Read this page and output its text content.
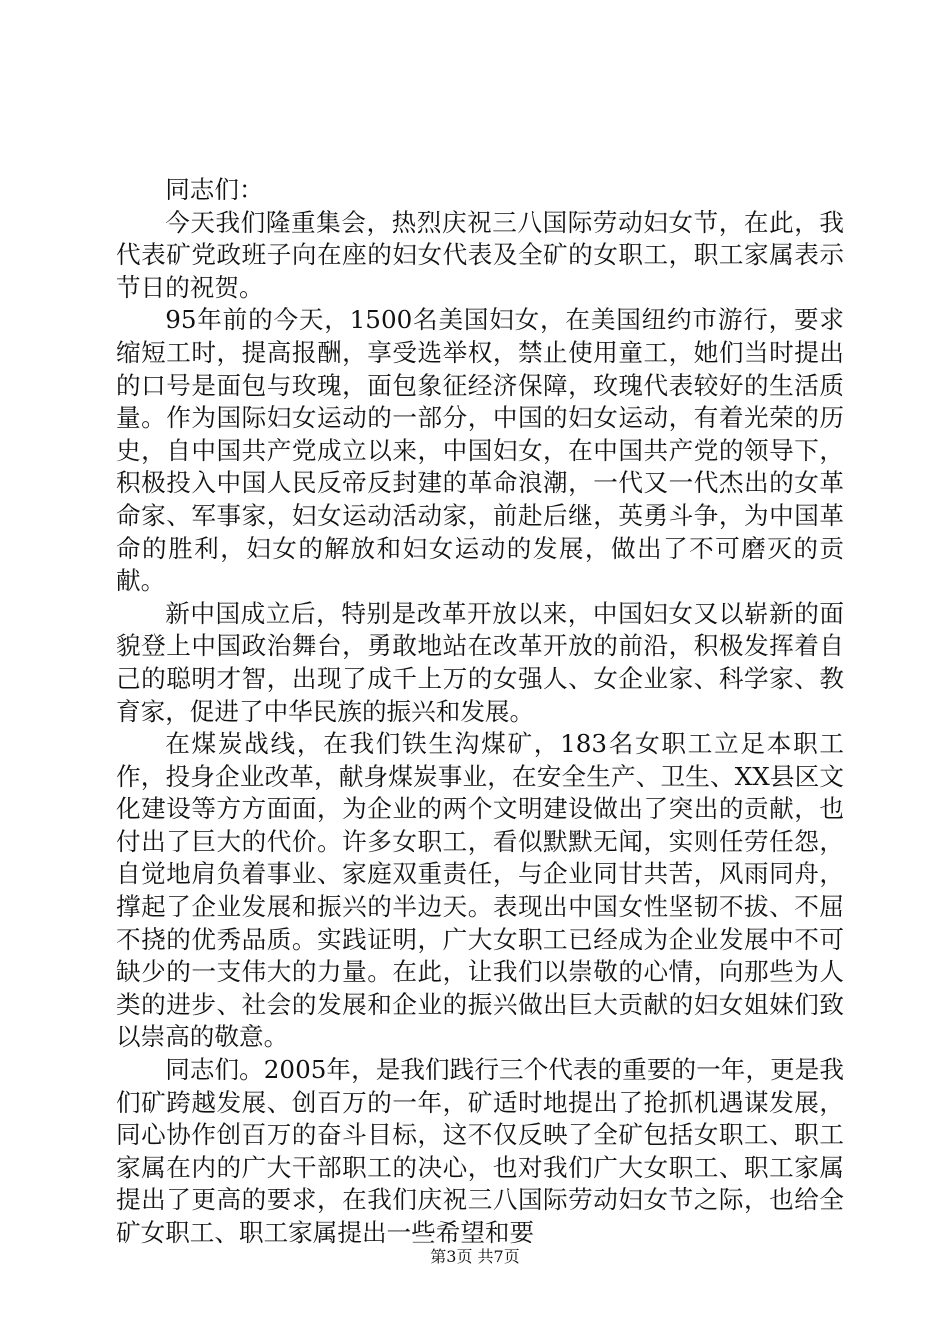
同志们：

今天我们隆重集会，热烈庆祝三八国际劳动妇女节，在此，我代表矿党政班子向在座的妇女代表及全矿的女职工，职工家属表示节日的祝贺。

95年前的今天，1500名美国妇女，在美国纽约市游行，要求缩短工时，提高报酬，享受选举权，禁止使用童工，她们当时提出的口号是面包与玫瑰，面包象征经济保障，玫瑰代表较好的生活质量。作为国际妇女运动的一部分，中国的妇女运动，有着光荣的历史，自中国共产党成立以来，中国妇女，在中国共产党的领导下，积极投入中国人民反帝反封建的革命浪潮，一代又一代杰出的女革命家、军事家，妇女运动活动家，前赴后继，英勇斗争，为中国革命的胜利，妇女的解放和妇女运动的发展，做出了不可磨灭的贡献。

新中国成立后，特别是改革开放以来，中国妇女又以崭新的面貌登上中国政治舞台，勇敢地站在改革开放的前沿，积极发挥着自己的聪明才智，出现了成千上万的女强人、女企业家、科学家、教育家，促进了中华民族的振兴和发展。

在煤炭战线，在我们铁生沟煤矿，183名女职工立足本职工作，投身企业改革，献身煤炭事业，在安全生产、卫生、XX县区文化建设等方方面面，为企业的两个文明建设做出了突出的贡献，也付出了巨大的代价。许多女职工，看似默默无闻，实则任劳任怨，自觉地肩负着事业、家庭双重责任，与企业同甘共苦，风雨同舟，撑起了企业发展和振兴的半边天。表现出中国女性坚韧不拔、不屈不挠的优秀品质。实践证明，广大女职工已经成为企业发展中不可缺少的一支伟大的力量。在此，让我们以崇敬的心情，向那些为人类的进步、社会的发展和企业的振兴做出巨大贡献的妇女姐妹们致以崇高的敬意。

同志们。2005年，是我们践行三个代表的重要的一年，更是我们矿跨越发展、创百万的一年，矿适时地提出了抢抓机遇谋发展，同心协作创百万的奋斗目标，这不仅反映了全矿包括女职工、职工家属在内的广大干部职工的决心，也对我们广大女职工、职工家属提出了更高的要求，在我们庆祝三八国际劳动妇女节之际，也给全矿女职工、职工家属提出一些希望和要

第3页 共7页
